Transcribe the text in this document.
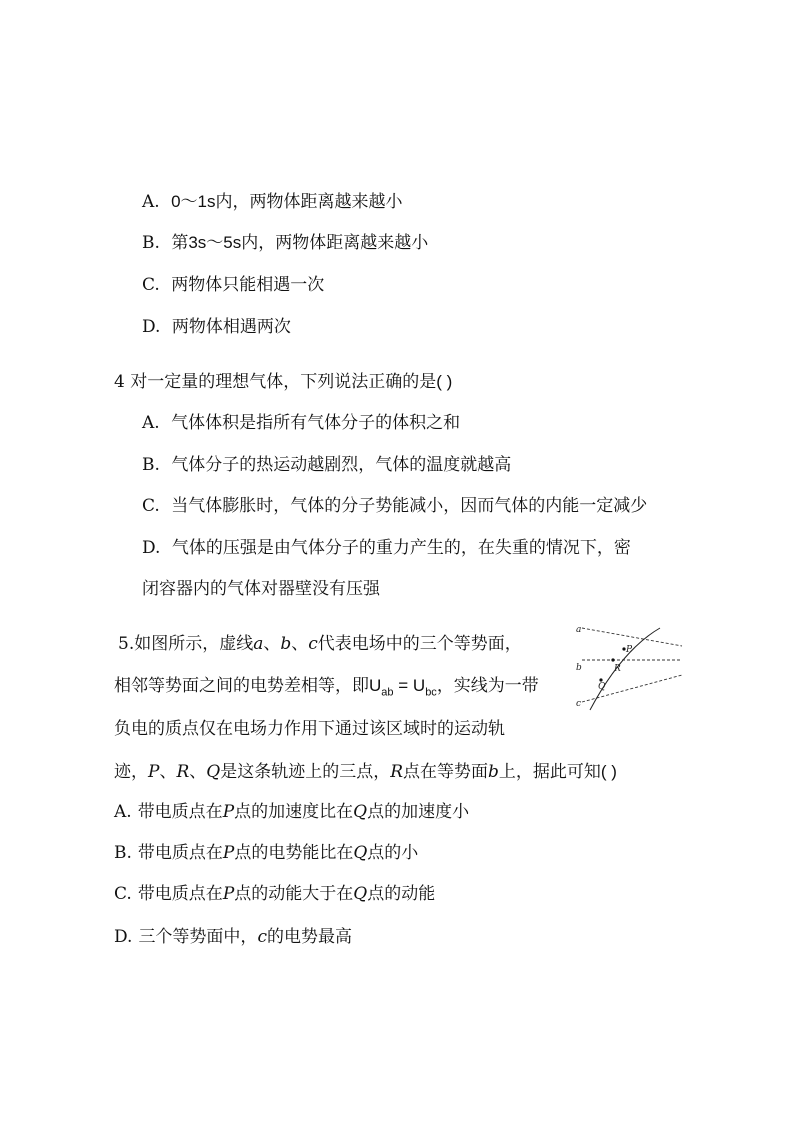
A. 0～1s内，两物体距离越来越小
B. 第3s～5s内，两物体距离越来越小
C. 两物体只能相遇一次
D. 两物体相遇两次
4 对一定量的理想气体，下列说法正确的是( )
A. 气体体积是指所有气体分子的体积之和
B. 气体分子的热运动越剧烈，气体的温度就越高
C. 当气体膨胀时，气体的分子势能减小，因而气体的内能一定减少
D. 气体的压强是由气体分子的重力产生的，在失重的情况下，密
闭容器内的气体对器壁没有压强
5.如图所示，虚线a、b、c代表电场中的三个等势面，
相邻等势面之间的电势差相等，即$U_{ab} = U_{bc}$，实线为一带
负电的质点仅在电场力作用下通过该区域时的运动轨
迹，P、R、Q是这条轨迹上的三点，R点在等势面b上，据此可知( )
A. 带电质点在P点的加速度比在Q点的加速度小
B. 带电质点在P点的电势能比在Q点的小
C. 带电质点在P点的动能大于在Q点的动能
D. 三个等势面中，c的电势最高
a
b
c
P
R
Q
